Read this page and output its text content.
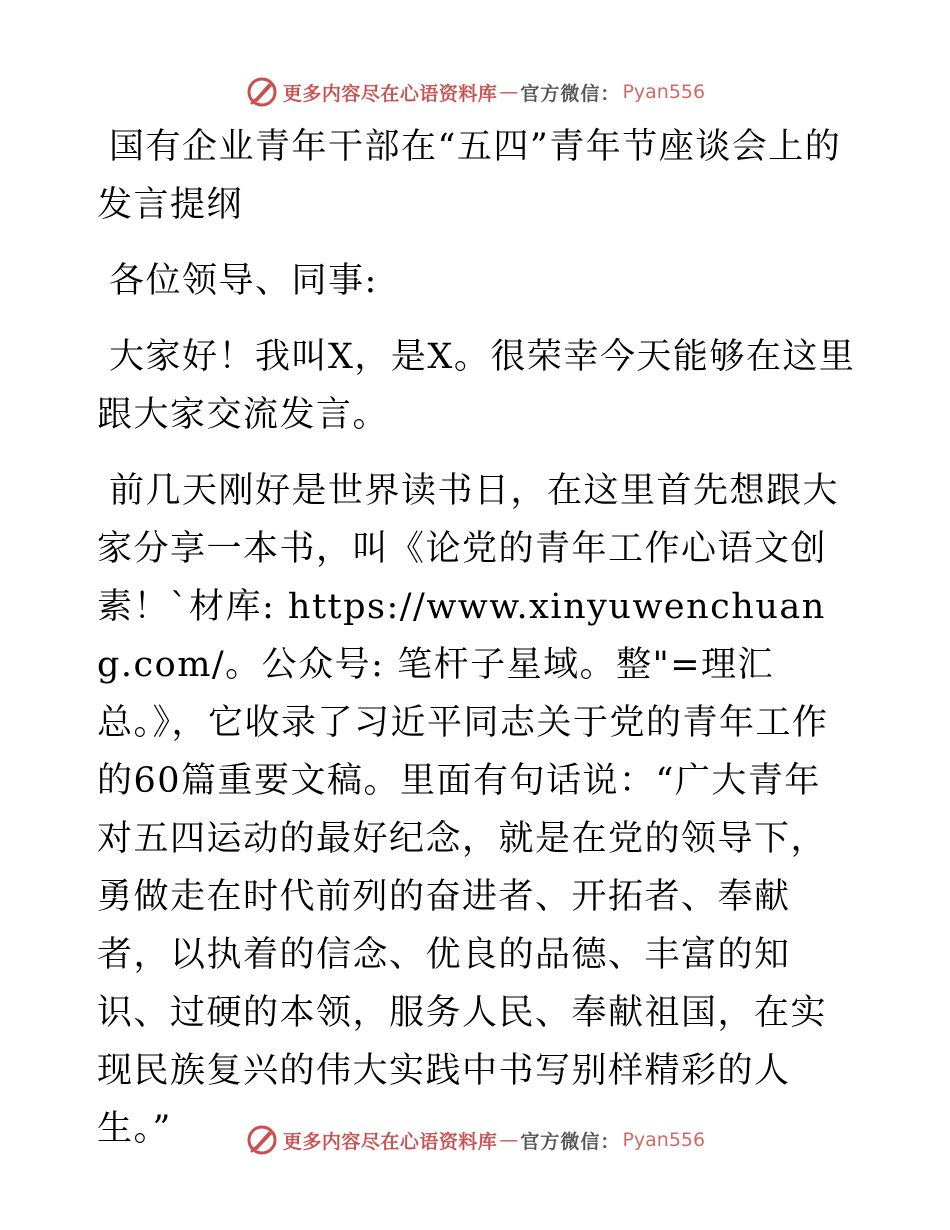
更多内容尽在心语资料库 — 官方微信： Pyan556

国有企业青年干部在“五四”青年节座谈会上的发言提纲

各位领导、同事:

大家好！我叫X，是X。很荣幸今天能够在这里跟大家交流发言。

前几天刚好是世界读书日，在这里首先想跟大家分享一本书，叫《论党的青年工作心语文创素！`材库: https://www.xinyuwenchuang.com/。公众号: 笔杆子星域。整"=理汇总。》，它收录了习近平同志关于党的青年工作的60篇重要文稿。里面有句话说：“广大青年对五四运动的最好纪念，就是在党的领导下，勇做走在时代前列的奋进者、开拓者、奉献者，以执着的信念、优良的品德、丰富的知识、过硬的本领，服务人民、奉献祖国，在实现民族复兴的伟大实践中书写别样精彩的人生。”	更多内容尽在心语资料库 — 官方微信： Pyan556
